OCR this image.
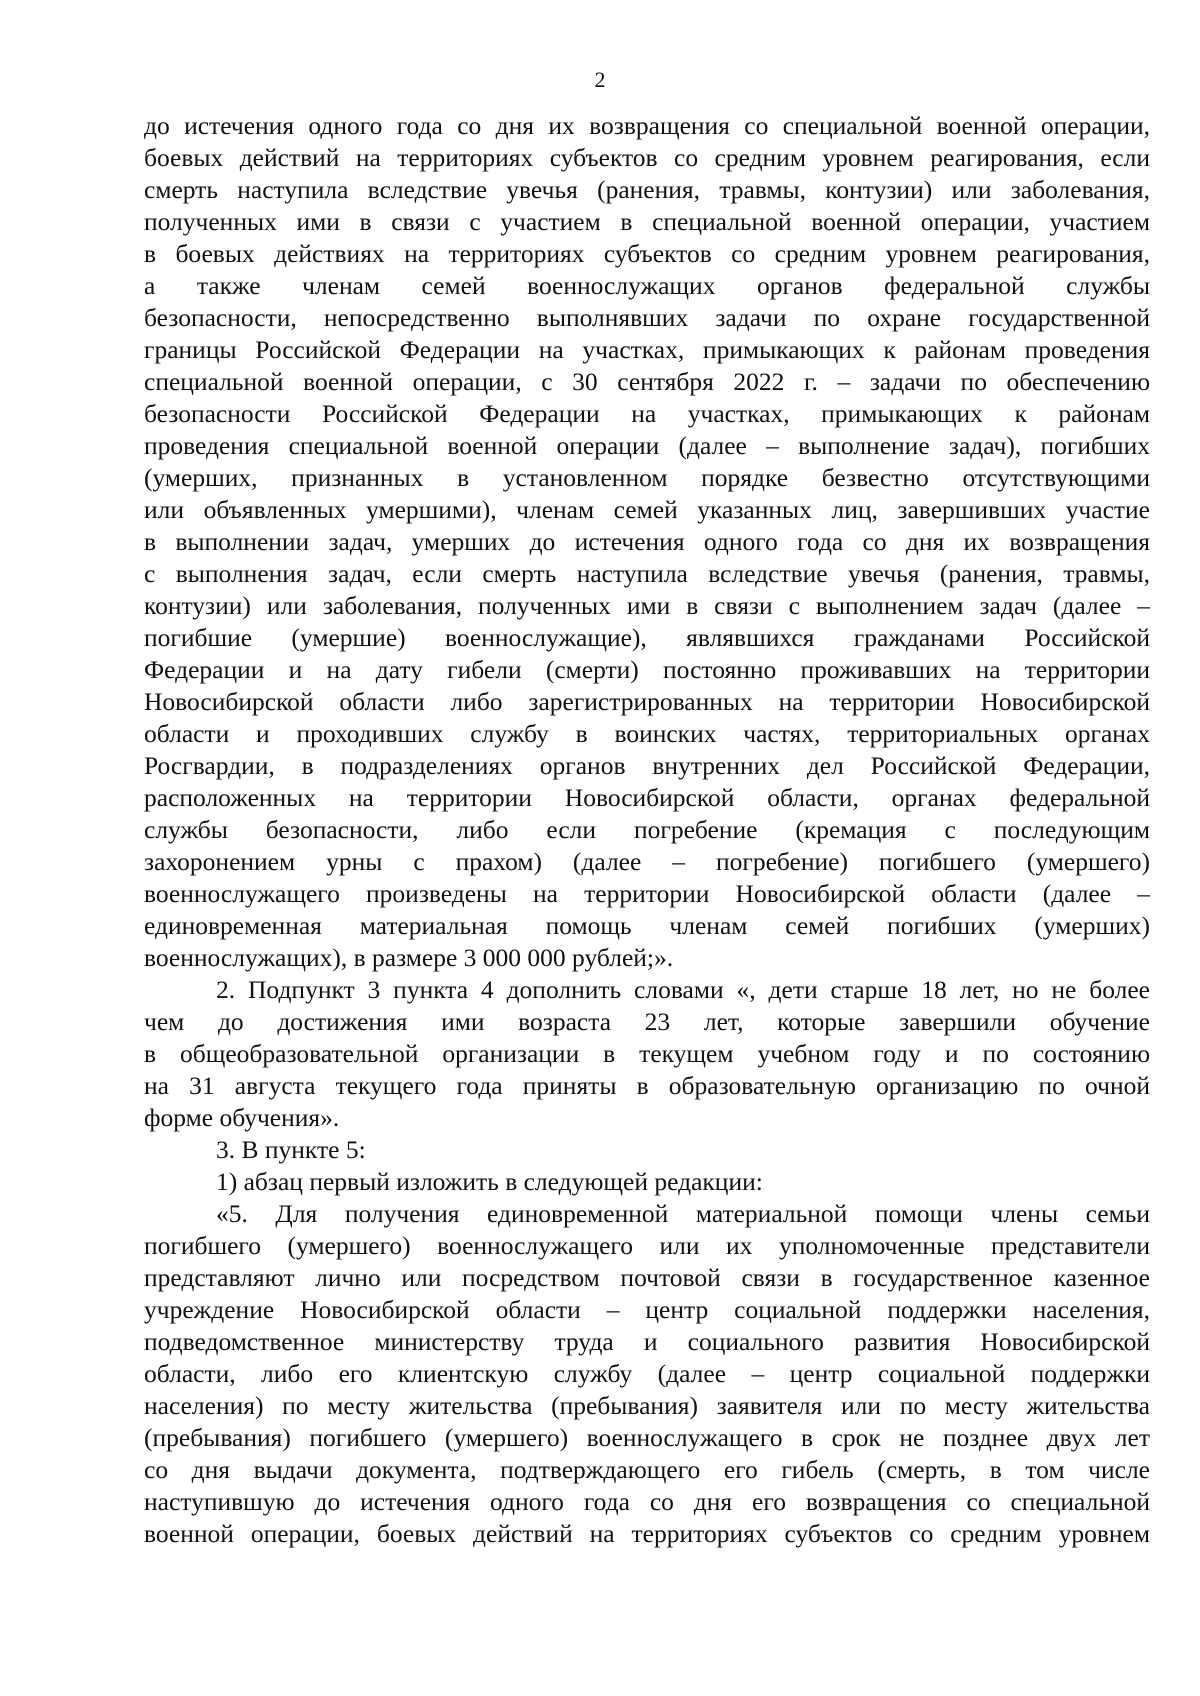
2
до истечения одного года со дня их возвращения со специальной военной операции,
боевых действий на территориях субъектов со средним уровнем реагирования, если
смерть наступила вследствие увечья (ранения, травмы, контузии) или заболевания,
полученных ими в связи с участием в специальной военной операции, участием
в боевых действиях на территориях субъектов со средним уровнем реагирования,
а также членам семей военнослужащих органов федеральной службы
безопасности, непосредственно выполнявших задачи по охране государственной
границы Российской Федерации на участках, примыкающих к районам проведения
специальной военной операции, с 30 сентября 2022 г. – задачи по обеспечению
безопасности Российской Федерации на участках, примыкающих к районам
проведения специальной военной операции (далее – выполнение задач), погибших
(умерших, признанных в установленном порядке безвестно отсутствующими
или объявленных умершими), членам семей указанных лиц, завершивших участие
в выполнении задач, умерших до истечения одного года со дня их возвращения
с выполнения задач, если смерть наступила вследствие увечья (ранения, травмы,
контузии) или заболевания, полученных ими в связи с выполнением задач (далее –
погибшие (умершие) военнослужащие), являвшихся гражданами Российской
Федерации и на дату гибели (смерти) постоянно проживавших на территории
Новосибирской области либо зарегистрированных на территории Новосибирской
области и проходивших службу в воинских частях, территориальных органах
Росгвардии, в подразделениях органов внутренних дел Российской Федерации,
расположенных на территории Новосибирской области, органах федеральной
службы безопасности, либо если погребение (кремация с последующим
захоронением урны с прахом) (далее – погребение) погибшего (умершего)
военнослужащего произведены на территории Новосибирской области (далее –
единовременная материальная помощь членам семей погибших (умерших)
военнослужащих), в размере 3 000 000 рублей;».
2. Подпункт 3 пункта 4 дополнить словами «, дети старше 18 лет, но не более
чем до достижения ими возраста 23 лет, которые завершили обучение
в общеобразовательной организации в текущем учебном году и по состоянию
на 31 августа текущего года приняты в образовательную организацию по очной
форме обучения».
3. В пункте 5:
1) абзац первый изложить в следующей редакции:
«5. Для получения единовременной материальной помощи члены семьи
погибшего (умершего) военнослужащего или их уполномоченные представители
представляют лично или посредством почтовой связи в государственное казенное
учреждение Новосибирской области – центр социальной поддержки населения,
подведомственное министерству труда и социального развития Новосибирской
области, либо его клиентскую службу (далее – центр социальной поддержки
населения) по месту жительства (пребывания) заявителя или по месту жительства
(пребывания) погибшего (умершего) военнослужащего в срок не позднее двух лет
со дня выдачи документа, подтверждающего его гибель (смерть, в том числе
наступившую до истечения одного года со дня его возвращения со специальной
военной операции, боевых действий на территориях субъектов со средним уровнем
